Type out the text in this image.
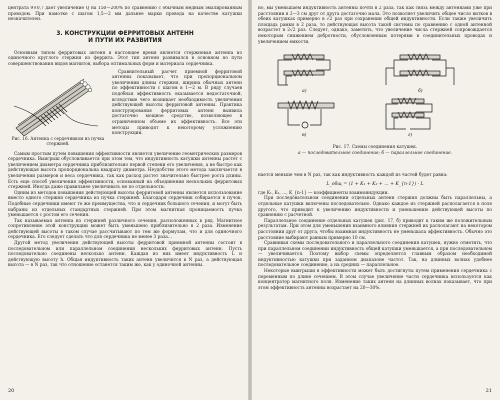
центрата 9×0,7 дает увеличение Q на 150—200% по сравнению с обычным медным эмалированным проводом. При намотке с шагом 1,5—2 мм дальнее марки провода на качестве катушки незначителен.

3. КОНСТРУКЦИИ ФЕРРИТОВЫХ АНТЕНН
И ПУТИ ИХ РАЗВИТИЯ

Основным типом ферритовых антенн в настоящее время является стержневая антенна из одиночного круглого стержня из феррита. Этот тип антенн развивался в основном по пути совершенствования видов магнитов, выбора оптимальных форм и материала сердечника.

Рис. 16. Антенна с сердечником из пучка стержней.

Сравнительный расчет приемной ферритовой антенны показывает, что при пропорциональном увеличении длины стержня, ширина обычных антенн по эффективности с шагом в 1—2 м. В ряду случаев подобная эффективность оказывается недостаточной, вследствие чего возникает необходимость увеличения действующей высоты ферритовой антенны. Практика конструирования ферритовых антенн выявила достаточно мощное средство, позволяющее в ограниченном объеме их эффективность. Все эти методы приводят к некоторому усложнению конструкции.

Самым простым путем повышения эффективности является увеличение геометрических размеров сердечника. Выигрыш обусловливается при этом тем, что индуктивность катушки антенны растет с увеличением диаметра сердечника приблизительно первой степени его увеличения, а не быстро как действующая высота пропорциональна квадрату диаметра. Неудобство этого метода заключается в увеличении размеров и веса сердечника, так как расход растет значительно быстрее роста длины. Есть еще способ увеличения эффективности, основанный на объединении нескольких ферритовых стержней. Иногда даже правильнее увеличивать не по отдельности.

Одним из методов повышения действующей высоты ферритовой антенны является использование вместо одного стержня сердечника из пучка стержней. Благодаря сердечник собирается в пучок. Подобные сердечники имеют те же преимущества, что и сердечник большого сечения, и могут быть набраны из отдельных стандартных стержней. При этом магнитная проницаемость пучка уменьшается с ростом его сечения.

Так называемая антенна из стержней различного сечения, расположенных в ряд. Магнитное сопротивление этой конструкции может быть уменьшено приблизительно в 2 раза. Изменение действующей высоты в таком случае рассчитывают по тем же формулам, что и для одиночного сердечника. Его следует сделать что для сердечника не менее 3 раза...

Другой метод увеличения действующей высоты ферритовой приемной антенны состоит в последовательном или параллельном соединении нескольких ферритовых антенн. Пусть последовательно соединены несколько антенн. Каждая из них имеет индуктивность L и действующую высоту h. Общая индуктивность таких антенн увеличится в N раз, а действующая высота — в N раз, так что отношение останется таким же, как у одиночной антенны.

20

но, мы уменьшаем индуктивность антенны почти в 2 раза, так как связь между антеннами уже при расстоянии в 2—3 см друг от друга достаточно мала. Это позволяет увеличить общее число витков в обеих катушках примерно в √2 раз при сохранении общей индуктивности. Если также увеличить площадь рамки в 2 раза, то действующая высота такой системы по сравнению с одной антенной возрастет в 2√2 раз. Следует, однако, заметить, что увеличение числа стержней сопровождается некоторым снижением добротности, обусловленным потерями в соединительных проводах и увеличением емкости.

а)	б)
в)	г)
Рис. 17. Схемы соединения катушек.
а — последовательное соединение; б — параллельное соединение.

нается меньше чем в N раз, так как индуктивность каждой из частей будет равна:

L_общ = (1 + K₁ + K₂ + ... + K_{n-1}) · L

где K₁, K₂, ..., K_{n-1} — коэффициенты взаимоиндукции.

При последовательном соединении отдельных антенн стержня должны быть параллельны, а отдельные катушки включены последовательно. Однако каждое из стержней располагается в поле другого, что приводит к увеличению индуктивности и уменьшению действующей высоты по сравнению с расчетной.

Параллельное соединение отдельных катушек (рис. 17, б) приводит к таким же положительным результатам. При этом для уменьшения взаимного влияния стержней их располагают на некотором расстоянии друг от друга, чтобы взаимная индуктивность не уменьшала эффективность. Обычно это расстояние выбирают равным примерно 10 см.

Сравнивая схемы последовательного и параллельного соединения катушек, нужно отметить, что при параллельном соединении индуктивность общей катушки уменьшается, а при последовательном — увеличивается. Поэтому выбор схемы определяется главным образом необходимой индуктивностью катушки при заданном диапазоне частот. Так, на длинных волнах удобнее последовательное соединение, а на средних — параллельное.

Некоторые выигрыши в эффективности может быть достигнуты путем применения сердечника с переменным по длине сечением. В этом случае увеличение части сердечника используется как концентратор магнитного поля. Изменение таких антенн на длинных волнах показывает, что при этом эффективность антенны возрастает на 20—30%.

21
